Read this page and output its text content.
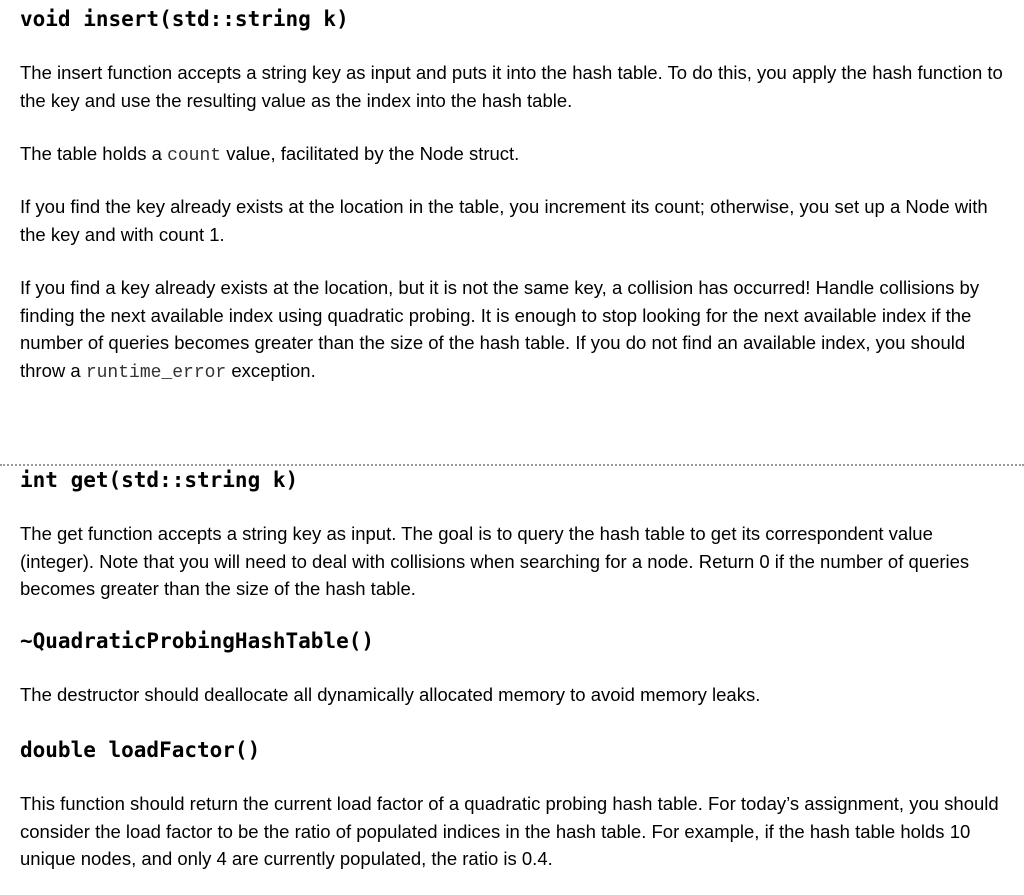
void insert(std::string k)

The insert function accepts a string key as input and puts it into the hash table. To do this, you apply the hash function to the key and use the resulting value as the index into the hash table.

The table holds a count value, facilitated by the Node struct.

If you find the key already exists at the location in the table, you increment its count; otherwise, you set up a Node with the key and with count 1.

If you find a key already exists at the location, but it is not the same key, a collision has occurred! Handle collisions by finding the next available index using quadratic probing. It is enough to stop looking for the next available index if the number of queries becomes greater than the size of the hash table. If you do not find an available index, you should throw a runtime_error exception.

int get(std::string k)

The get function accepts a string key as input. The goal is to query the hash table to get its correspondent value (integer). Note that you will need to deal with collisions when searching for a node. Return 0 if the number of queries becomes greater than the size of the hash table.

~QuadraticProbingHashTable()

The destructor should deallocate all dynamically allocated memory to avoid memory leaks.

double loadFactor()

This function should return the current load factor of a quadratic probing hash table. For today’s assignment, you should consider the load factor to be the ratio of populated indices in the hash table. For example, if the hash table holds 10 unique nodes, and only 4 are currently populated, the ratio is 0.4.
